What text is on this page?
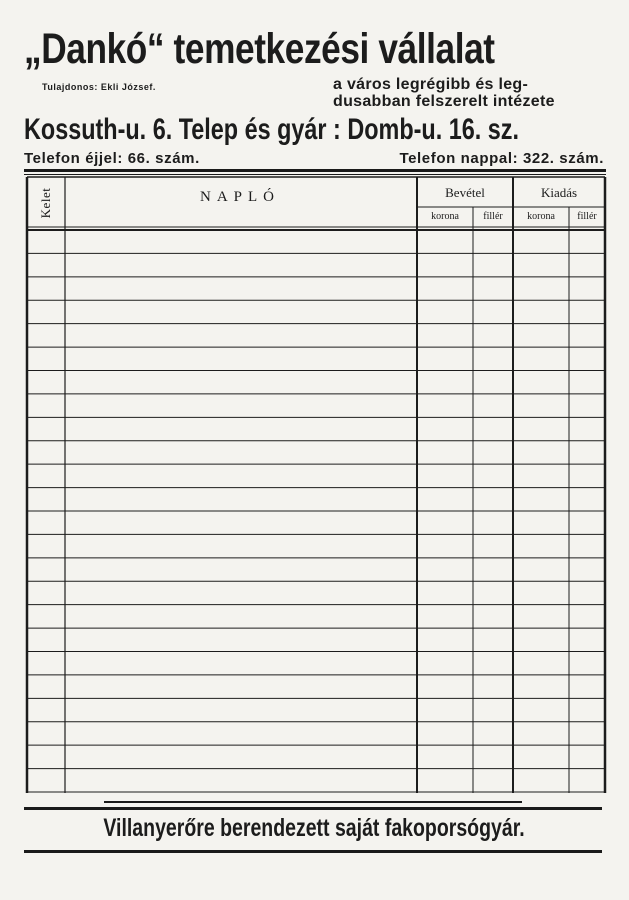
„Dankó“ temetkezési vállalat
Tulajdonos: Ekli József.	a város legrégibb és leg-
dusabban felszerelt intézete
Kossuth-u. 6. Telep és gyár : Domb-u. 16. sz.
Telefon éjjel: 66. szám.	Telefon nappal: 322. szám.
Kelet	NAPLÓ	Bevétel	Kiadás
korona	fillér	korona	fillér
Villanyerőre berendezett saját fakoporsógyár.
